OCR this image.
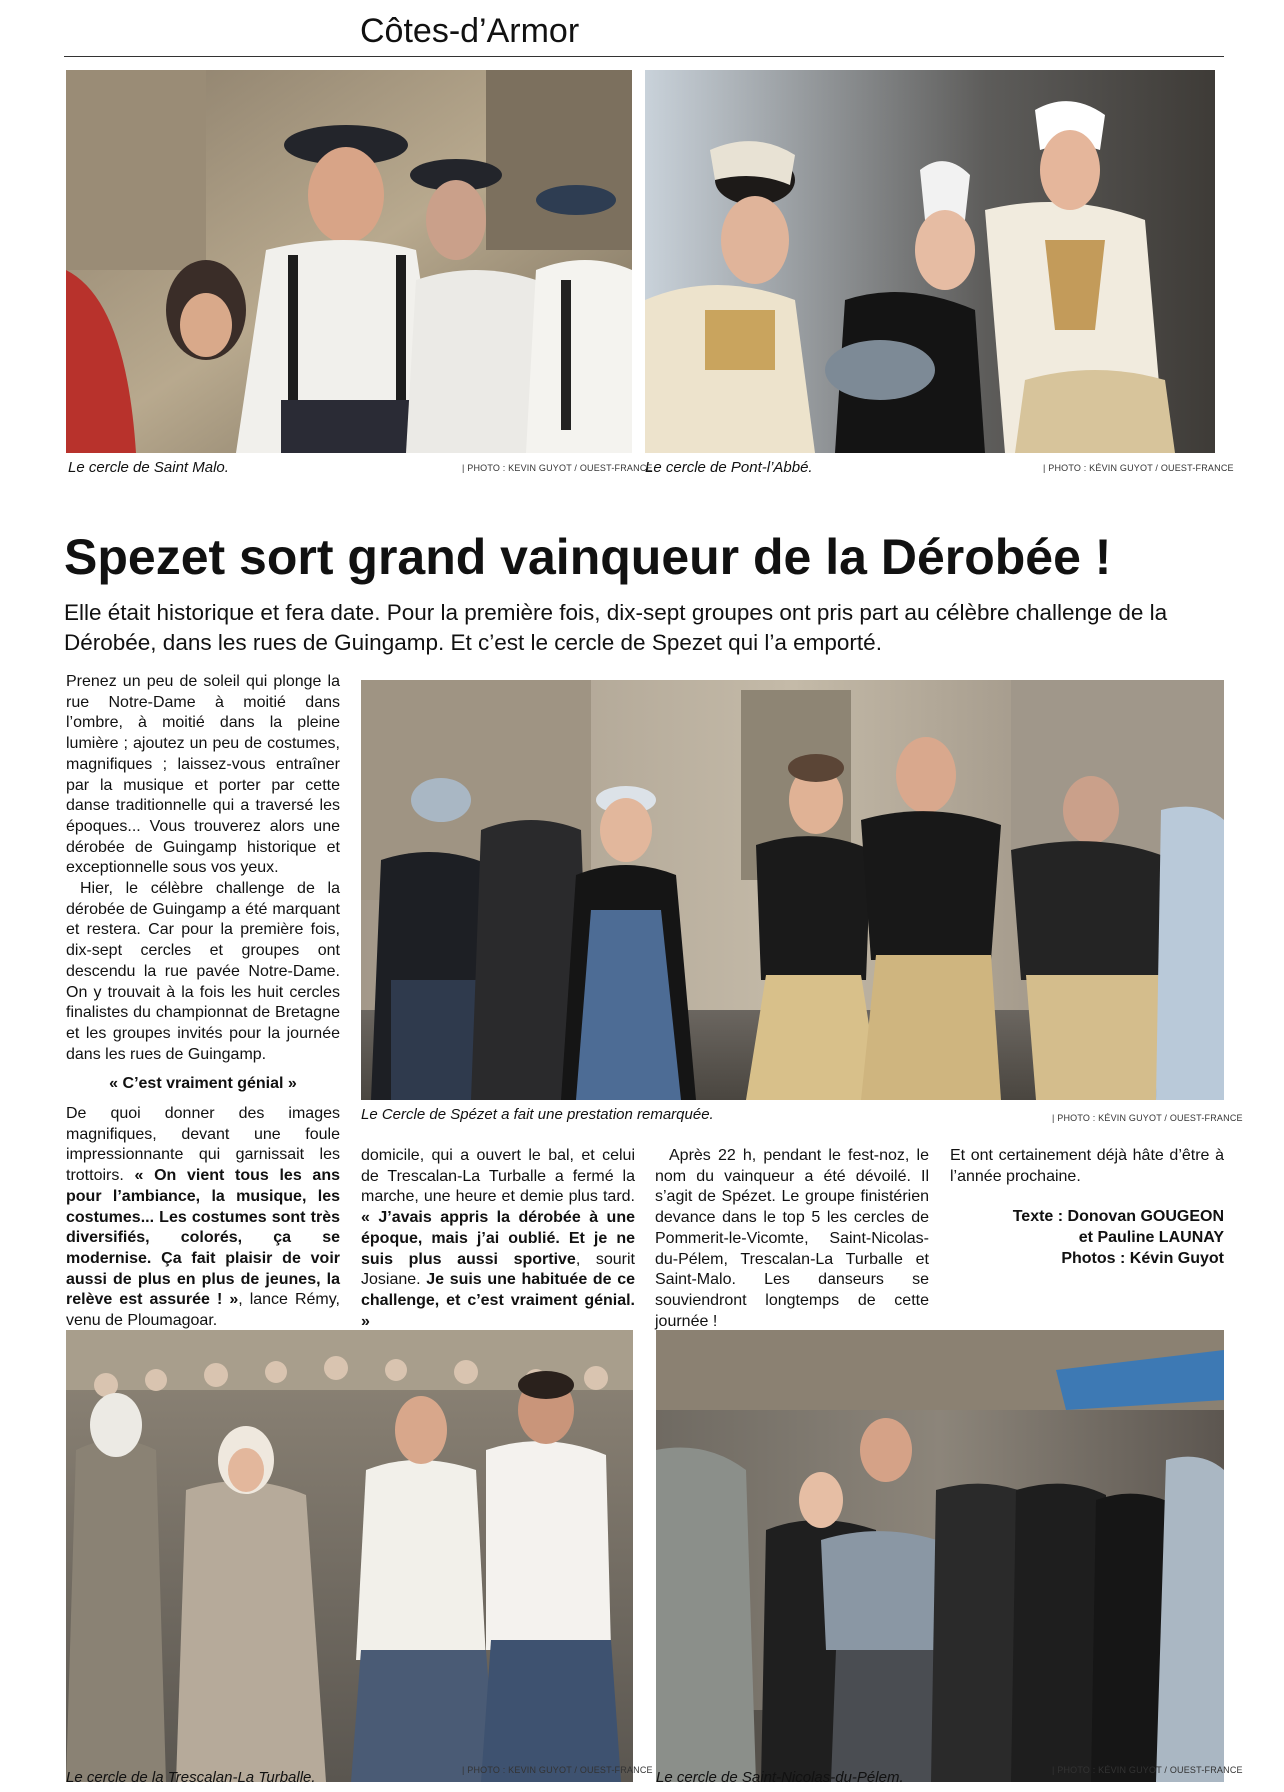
Côtes-d’Armor
Le cercle de Saint Malo.	| PHOTO : KEVIN GUYOT / OUEST-FRANCE
Le cercle de Pont-l’Abbé.	| PHOTO : KÉVIN GUYOT / OUEST-FRANCE
Spezet sort grand vainqueur de la Dérobée !
Elle était historique et fera date. Pour la première fois, dix-sept groupes ont pris part au célèbre challenge de la Dérobée, dans les rues de Guingamp. Et c’est le cercle de Spezet qui l’a emporté.

Prenez un peu de soleil qui plonge la rue Notre-Dame à moitié dans l’ombre, à moitié dans la pleine lumière ; ajoutez un peu de costumes, magnifiques ; laissez-vous entraîner par la musique et porter par cette danse traditionnelle qui a traversé les époques... Vous trouverez alors une dérobée de Guingamp historique et exceptionnelle sous vos yeux.

Hier, le célèbre challenge de la dérobée de Guingamp a été marquant et restera. Car pour la première fois, dix-sept cercles et groupes ont descendu la rue pavée Notre-Dame. On y trouvait à la fois les huit cercles finalistes du championnat de Bretagne et les groupes invités pour la journée dans les rues de Guingamp.

« C’est vraiment génial »

De quoi donner des images magnifiques, devant une foule impressionnante qui garnissait les trottoirs. « On vient tous les ans pour l’ambiance, la musique, les costumes... Les costumes sont très diversifiés, colorés, ça se modernise. Ça fait plaisir de voir aussi de plus en plus de jeunes, la relève est assurée ! », lance Rémy, venu de Ploumagoar.

Le Cercle de Spézet a fait une prestation remarquée.	| PHOTO : KÉVIN GUYOT / OUEST-FRANCE

domicile, qui a ouvert le bal, et celui de Trescalan-La Turballe a fermé la marche, une heure et demie plus tard. « J’avais appris la dérobée à une époque, mais j’ai oublié. Et je ne suis plus aussi sportive, sourit Josiane. Je suis une habituée de ce challenge, et c’est vraiment génial. »

Après 22 h, pendant le fest-noz, le nom du vainqueur a été dévoilé. Il s’agit de Spézet. Le groupe finistérien devance dans le top 5 les cercles de Pommerit-le-Vicomte, Saint-Nicolas-du-Pélem, Trescalan-La Turballe et Saint-Malo. Les danseurs se souviendront longtemps de cette journée !

Et ont certainement déjà hâte d’être à l’année prochaine.

Texte : Donovan GOUGEON
et Pauline LAUNAY
Photos : Kévin Guyot
Le cercle de la Trescalan-La Turballe.	| PHOTO : KEVIN GUYOT / OUEST-FRANCE Le cercle de Saint-Nicolas-du-Pélem.	| PHOTO : KÉVIN GUYOT / OUEST-FRANCE
